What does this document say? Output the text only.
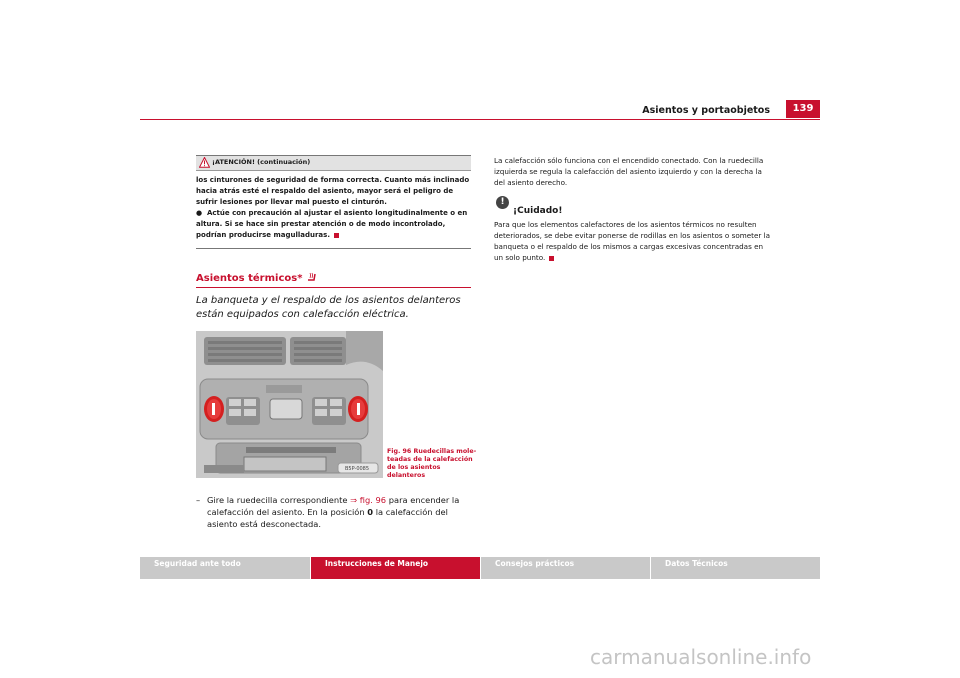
Asientos y portaobjetos	139
¡ATENCIÓN! (continuación)
los cinturones de seguridad de forma correcta. Cuanto más inclinado hacia atrás esté el respaldo del asiento, mayor será el peligro de sufrir lesiones por llevar mal puesto el cinturón.
● Actúe con precaución al ajustar el asiento longitudinalmente o en altura. Si se hace sin prestar atención o de modo incontrolado, podrían producirse magulladuras.
Asientos térmicos*
La banqueta y el respaldo de los asientos delanteros están equipados con calefacción eléctrica.
B5P-0085
Fig. 96 Ruedecillas mole-
teadas de la calefacción
de los asientos delanteros
– Gire la ruedecilla correspondiente ⇒ fig. 96 para encender la calefacción del asiento. En la posición 0 la calefacción del asiento está desconectada.
La calefacción sólo funciona con el encendido conectado. Con la ruedecilla izquierda se regula la calefacción del asiento izquierdo y con la derecha la del asiento derecho.
!
¡Cuidado!
Para que los elementos calefactores de los asientos térmicos no resulten deteriorados, se debe evitar ponerse de rodillas en los asientos o someter la banqueta o el respaldo de los mismos a cargas excesivas concentradas en un solo punto.
Seguridad ante todo	Instrucciones de Manejo	Consejos prácticos	Datos Técnicos
carmanualsonline.info
